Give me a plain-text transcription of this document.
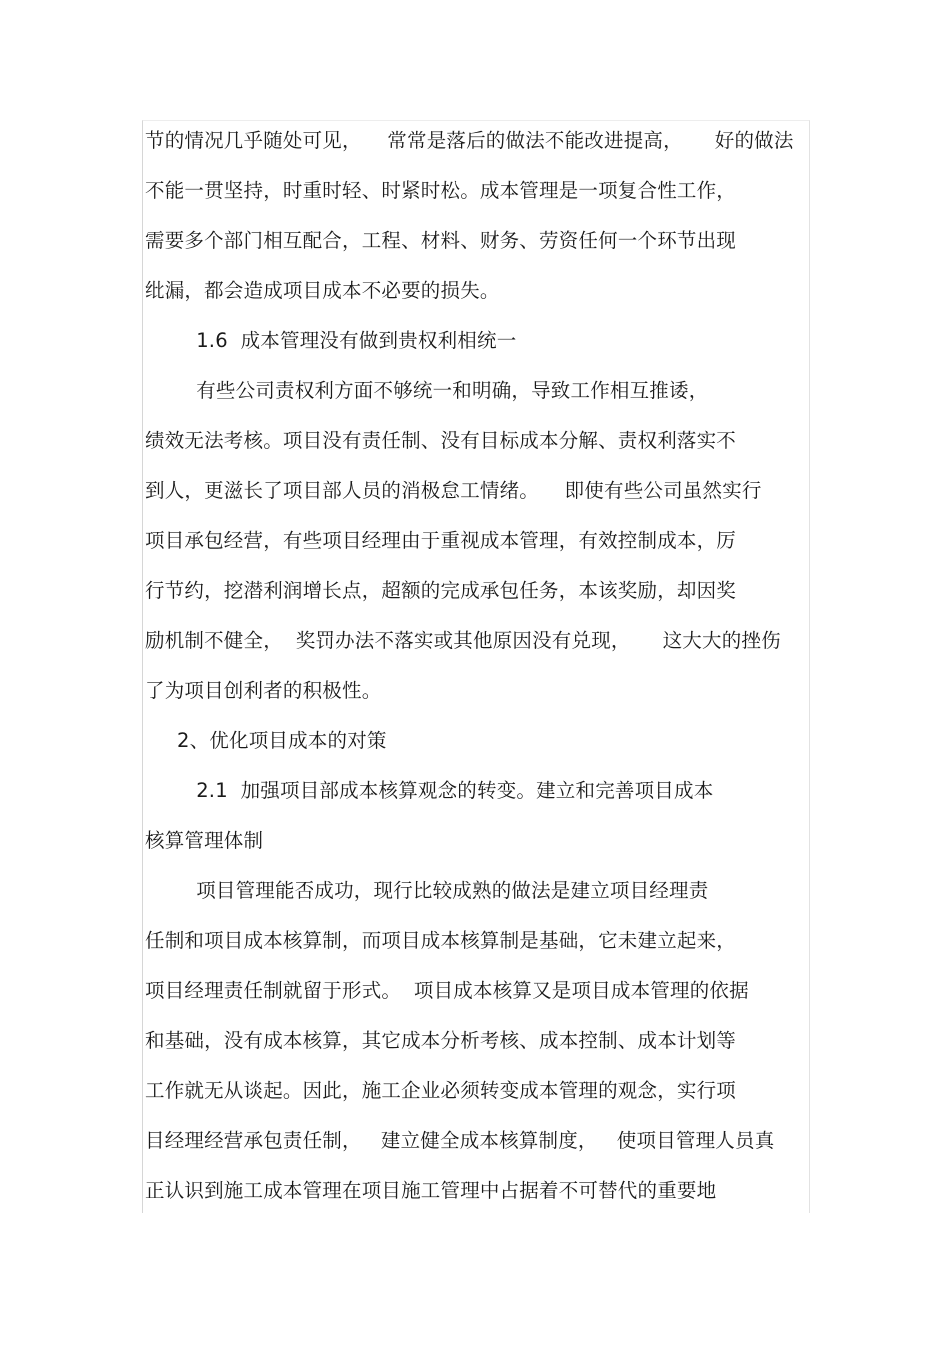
节的情况几乎随处可见，    常常是落后的做法不能改进提高，     好的做法
不能一贯坚持，时重时轻、时紧时松。成本管理是一项复合性工作，
需要多个部门相互配合，工程、材料、财务、劳资任何一个环节出现
纰漏，都会造成项目成本不必要的损失。
1.6  成本管理没有做到贵权利相统一
有些公司责权利方面不够统一和明确，导致工作相互推诿，
绩效无法考核。项目没有责任制、没有目标成本分解、责权利落实不
到人，更滋长了项目部人员的消极怠工情绪。    即使有些公司虽然实行
项目承包经营，有些项目经理由于重视成本管理，有效控制成本，厉
行节约，挖潜利润增长点，超额的完成承包任务，本该奖励，却因奖
励机制不健全，  奖罚办法不落实或其他原因没有兑现，     这大大的挫伤
了为项目创利者的积极性。
2、优化项目成本的对策
2.1  加强项目部成本核算观念的转变。建立和完善项目成本
核算管理体制
项目管理能否成功，现行比较成熟的做法是建立项目经理责
任制和项目成本核算制，而项目成本核算制是基础，它未建立起来，
项目经理责任制就留于形式。  项目成本核算又是项目成本管理的依据
和基础，没有成本核算，其它成本分析考核、成本控制、成本计划等
工作就无从谈起。因此，施工企业必须转变成本管理的观念，实行项
目经理经营承包责任制，   建立健全成本核算制度，   使项目管理人员真
正认识到施工成本管理在项目施工管理中占据着不可替代的重要地
